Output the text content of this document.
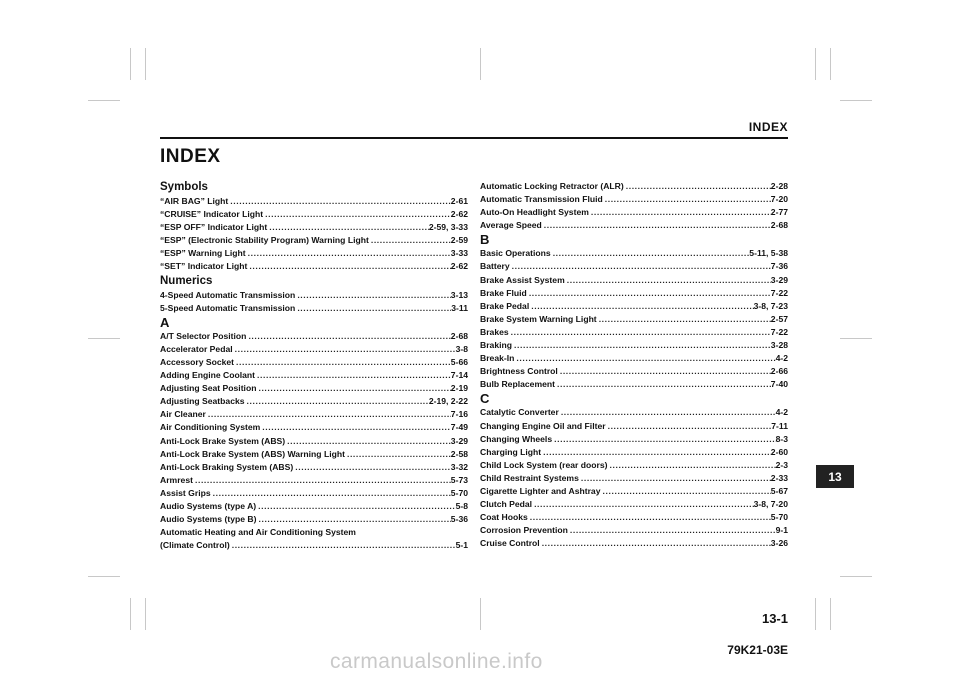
INDEX
INDEX
13
Symbols
“AIR BAG” Light .....	2-61
“CRUISE” Indicator Light .....	2-62
“ESP OFF” Indicator Light .....	2-59, 3-33
“ESP” (Electronic Stability Program) Warning Light .....	2-59
“ESP” Warning Light .....	3-33
“SET” Indicator Light .....	2-62
Numerics
4-Speed Automatic Transmission .....	3-13
5-Speed Automatic Transmission .....	3-11
A
A/T Selector Position .....	2-68
Accelerator Pedal .....	3-8
Accessory Socket .....	5-66
Adding Engine Coolant .....	7-14
Adjusting Seat Position .....	2-19
Adjusting Seatbacks .....	2-19, 2-22
Air Cleaner .....	7-16
Air Conditioning System .....	7-49
Anti-Lock Brake System (ABS) .....	3-29
Anti-Lock Brake System (ABS) Warning Light .....	2-58
Anti-Lock Braking System (ABS) .....	3-32
Armrest .....	5-73
Assist Grips .....	5-70
Audio Systems (type A) .....	5-8
Audio Systems (type B) .....	5-36
Automatic Heating and Air Conditioning System
(Climate Control) .....	5-1
Automatic Locking Retractor (ALR) .....	2-28
Automatic Transmission Fluid .....	7-20
Auto-On Headlight System .....	2-77
Average Speed .....	2-68
B
Basic Operations .....	5-11, 5-38
Battery .....	7-36
Brake Assist System .....	3-29
Brake Fluid .....	7-22
Brake Pedal .....	3-8, 7-23
Brake System Warning Light .....	2-57
Brakes .....	7-22
Braking .....	3-28
Break-In .....	4-2
Brightness Control .....	2-66
Bulb Replacement .....	7-40
C
Catalytic Converter .....	4-2
Changing Engine Oil and Filter .....	7-11
Changing Wheels .....	8-3
Charging Light .....	2-60
Child Lock System (rear doors) .....	2-3
Child Restraint Systems .....	2-33
Cigarette Lighter and Ashtray .....	5-67
Clutch Pedal .....	3-8, 7-20
Coat Hooks .....	5-70
Corrosion Prevention .....	9-1
Cruise Control .....	3-26
13-1
79K21-03E
carmanualsonline.info
